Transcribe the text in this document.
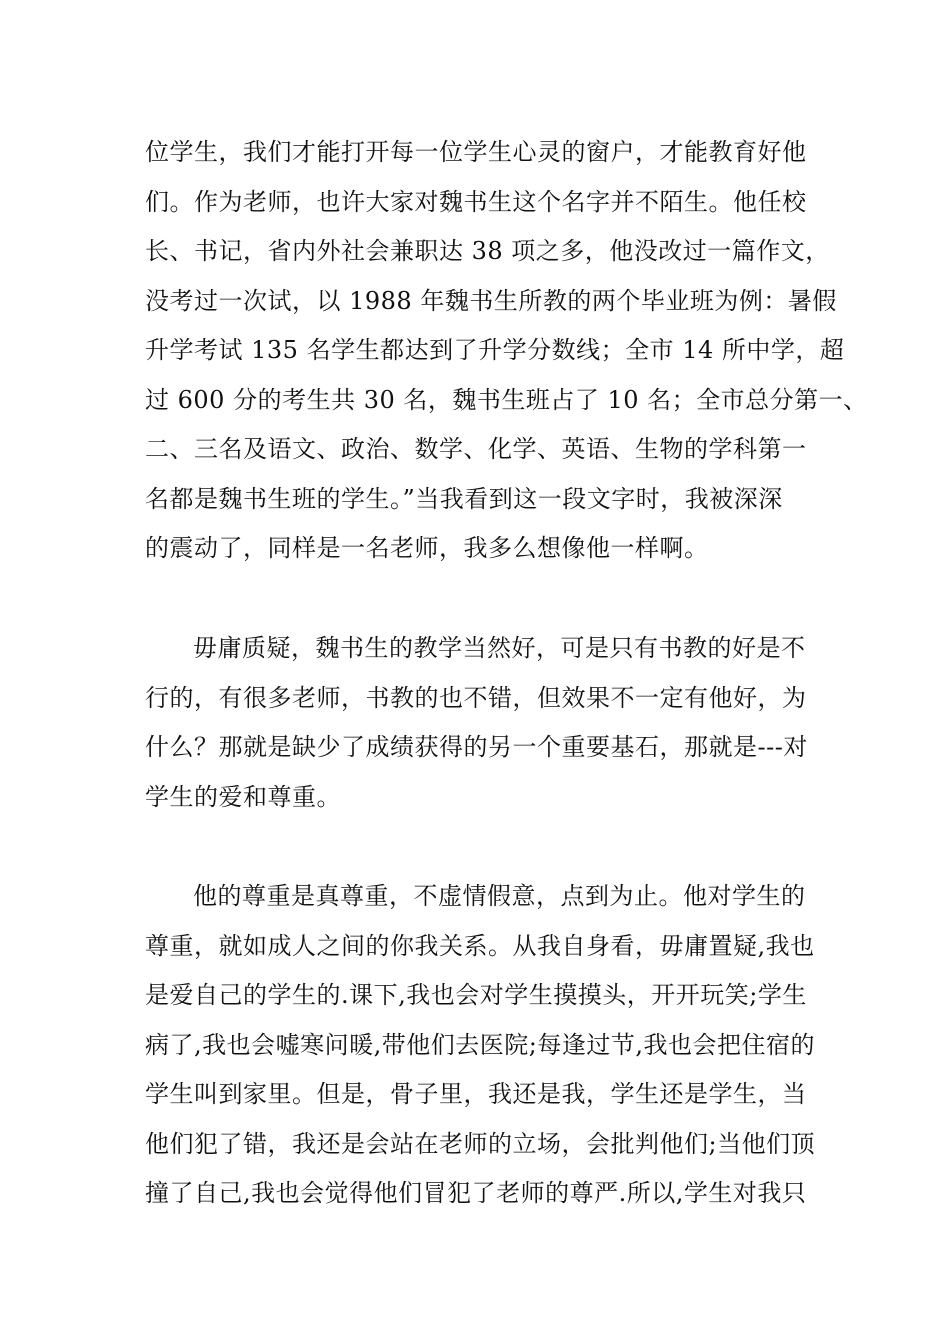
位学生，我们才能打开每一位学生心灵的窗户，才能教育好他
们。作为老师，也许大家对魏书生这个名字并不陌生。他任校
长、书记，省内外社会兼职达 38 项之多，他没改过一篇作文，
没考过一次试，以 1988 年魏书生所教的两个毕业班为例：暑假
升学考试 135 名学生都达到了升学分数线；全市 14 所中学，超
过 600 分的考生共 30 名，魏书生班占了 10 名；全市总分第一、
二、三名及语文、政治、数学、化学、英语、生物的学科第一
名都是魏书生班的学生。”当我看到这一段文字时，我被深深
的震动了，同样是一名老师，我多么想像他一样啊。
毋庸质疑，魏书生的教学当然好，可是只有书教的好是不
行的，有很多老师，书教的也不错，但效果不一定有他好，为
什么？那就是缺少了成绩获得的另一个重要基石，那就是---对
学生的爱和尊重。
他的尊重是真尊重，不虚情假意，点到为止。他对学生的
尊重，就如成人之间的你我关系。从我自身看，毋庸置疑,我也
是爱自己的学生的.课下,我也会对学生摸摸头，开开玩笑;学生
病了,我也会嘘寒问暖,带他们去医院;每逢过节,我也会把住宿的
学生叫到家里。但是，骨子里，我还是我，学生还是学生，当
他们犯了错，我还是会站在老师的立场，会批判他们;当他们顶
撞了自己,我也会觉得他们冒犯了老师的尊严.所以,学生对我只
